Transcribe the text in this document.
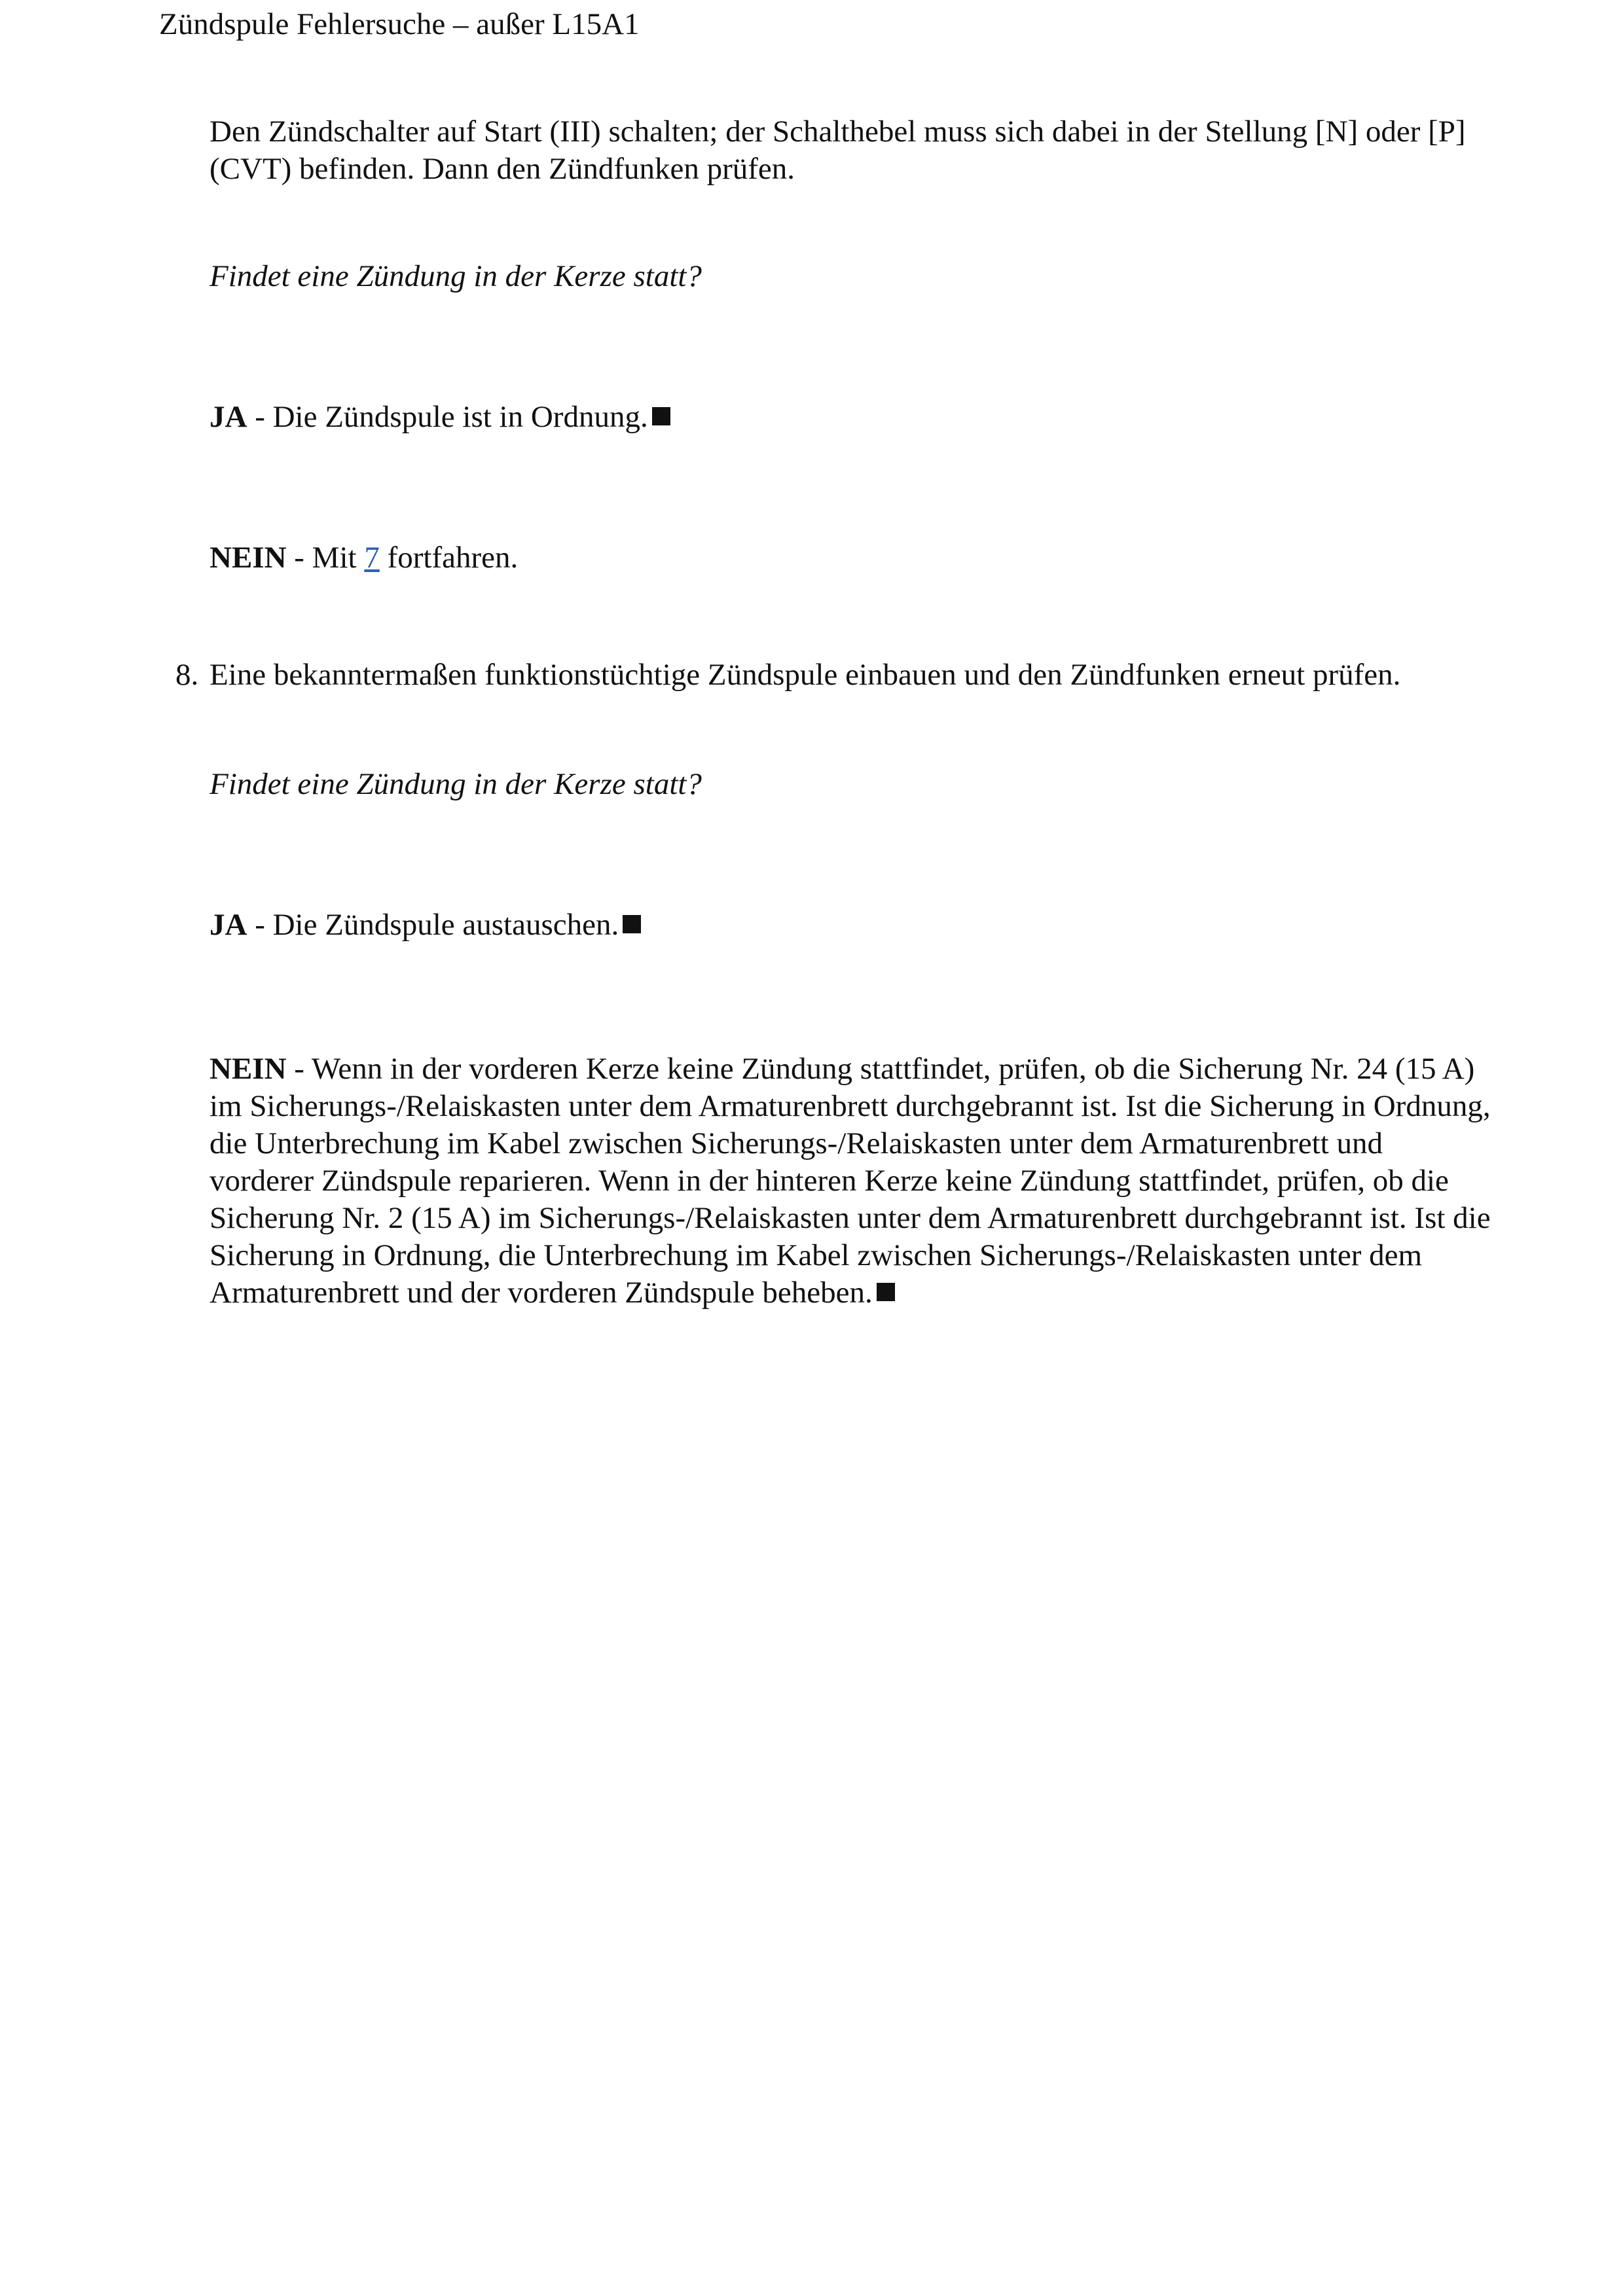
Zündspule Fehlersuche – außer L15A1

Den Zündschalter auf Start (III) schalten; der Schalthebel muss sich dabei in der Stellung [N] oder [P] (CVT) befinden. Dann den Zündfunken prüfen.

Findet eine Zündung in der Kerze statt?

JA - Die Zündspule ist in Ordnung.

NEIN - Mit 7 fortfahren.

8. Eine bekanntermaßen funktionstüchtige Zündspule einbauen und den Zündfunken erneut prüfen.

Findet eine Zündung in der Kerze statt?

JA - Die Zündspule austauschen.

NEIN - Wenn in der vorderen Kerze keine Zündung stattfindet, prüfen, ob die Sicherung Nr. 24 (15 A) im Sicherungs-/Relaiskasten unter dem Armaturenbrett durchgebrannt ist. Ist die Sicherung in Ordnung, die Unterbrechung im Kabel zwischen Sicherungs-/Relaiskasten unter dem Armaturenbrett und vorderer Zündspule reparieren. Wenn in der hinteren Kerze keine Zündung stattfindet, prüfen, ob die Sicherung Nr. 2 (15 A) im Sicherungs-/Relaiskasten unter dem Armaturenbrett durchgebrannt ist. Ist die Sicherung in Ordnung, die Unterbrechung im Kabel zwischen Sicherungs-/Relaiskasten unter dem Armaturenbrett und der vorderen Zündspule beheben.
